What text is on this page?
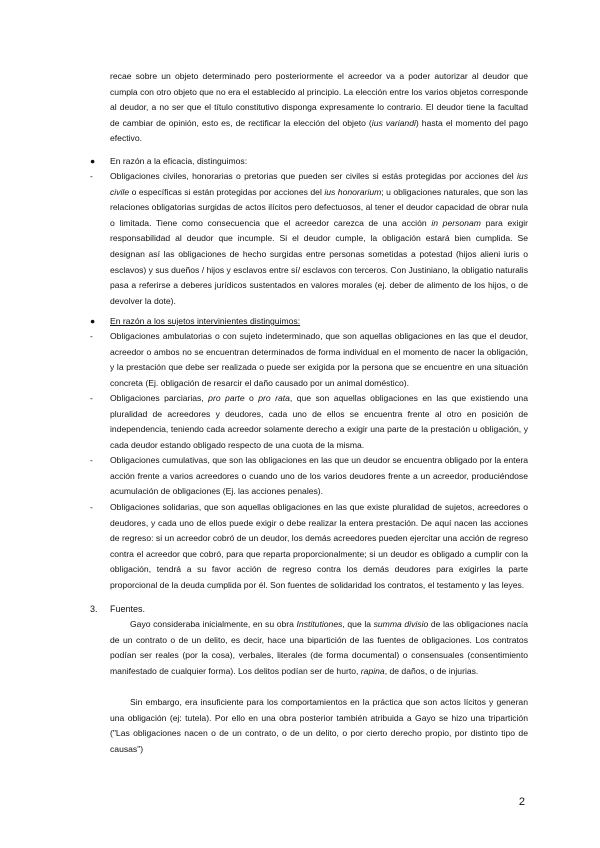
recae sobre un objeto determinado pero posteriormente el acreedor va a poder autorizar al deudor que cumpla con otro objeto que no era el establecido al principio. La elección entre los varios objetos corresponde al deudor, a no ser que el título constitutivo disponga expresamente lo contrario. El deudor tiene la facultad de cambiar de opinión, esto es, de rectificar la elección del objeto (ius variandi) hasta el momento del pago efectivo.

● En razón a la eficacia, distinguimos:
- Obligaciones civiles, honorarias o pretorias que pueden ser civiles si estás protegidas por acciones del ius civile o específicas si están protegidas por acciones del ius honorarium; u obligaciones naturales, que son las relaciones obligatorias surgidas de actos ilícitos pero defectuosos, al tener el deudor capacidad de obrar nula o limitada. Tiene como consecuencia que el acreedor carezca de una acción in personam para exigir responsabilidad al deudor que incumple. Si el deudor cumple, la obligación estará bien cumplida. Se designan así las obligaciones de hecho surgidas entre personas sometidas a potestad (hijos alieni iuris o esclavos) y sus dueños / hijos y esclavos entre sí/ esclavos con terceros. Con Justiniano, la obligatio naturalis pasa a referirse a deberes jurídicos sustentados en valores morales (ej. deber de alimento de los hijos, o de devolver la dote).
● En razón a los sujetos intervinientes distinguimos:
- Obligaciones ambulatorias o con sujeto indeterminado, que son aquellas obligaciones en las que el deudor, acreedor o ambos no se encuentran determinados de forma individual en el momento de nacer la obligación, y la prestación que debe ser realizada o puede ser exigida por la persona que se encuentre en una situación concreta (Ej. obligación de resarcir el daño causado por un animal doméstico).
- Obligaciones parciarias, pro parte o pro rata, que son aquellas obligaciones en las que existiendo una pluralidad de acreedores y deudores, cada uno de ellos se encuentra frente al otro en posición de independencia, teniendo cada acreedor solamente derecho a exigir una parte de la prestación u obligación, y cada deudor estando obligado respecto de una cuota de la misma.
- Obligaciones cumulativas, que son las obligaciones en las que un deudor se encuentra obligado por la entera acción frente a varios acreedores o cuando uno de los varios deudores frente a un acreedor, produciéndose acumulación de obligaciones (Ej. las acciones penales).
- Obligaciones solidarias, que son aquellas obligaciones en las que existe pluralidad de sujetos, acreedores o deudores, y cada uno de ellos puede exigir o debe realizar la entera prestación. De aquí nacen las acciones de regreso: si un acreedor cobró de un deudor, los demás acreedores pueden ejercitar una acción de regreso contra el acreedor que cobró, para que reparta proporcionalmente; si un deudor es obligado a cumplir con la obligación, tendrá a su favor acción de regreso contra los demás deudores para exigirles la parte proporcional de la deuda cumplida por él. Son fuentes de solidaridad los contratos, el testamento y las leyes.
3. Fuentes.

Gayo consideraba inicialmente, en su obra Institutiones, que la summa divisio de las obligaciones nacía de un contrato o de un delito, es decir, hace una bipartición de las fuentes de obligaciones. Los contratos podían ser reales (por la cosa), verbales, literales (de forma documental) o consensuales (consentimiento manifestado de cualquier forma). Los delitos podían ser de hurto, rapina, de daños, o de injurias.

Sin embargo, era insuficiente para los comportamientos en la práctica que son actos lícitos y generan una obligación (ej: tutela). Por ello en una obra posterior también atribuida a Gayo se hizo una tripartición ("Las obligaciones nacen o de un contrato, o de un delito, o por cierto derecho propio, por distinto tipo de causas")

2
